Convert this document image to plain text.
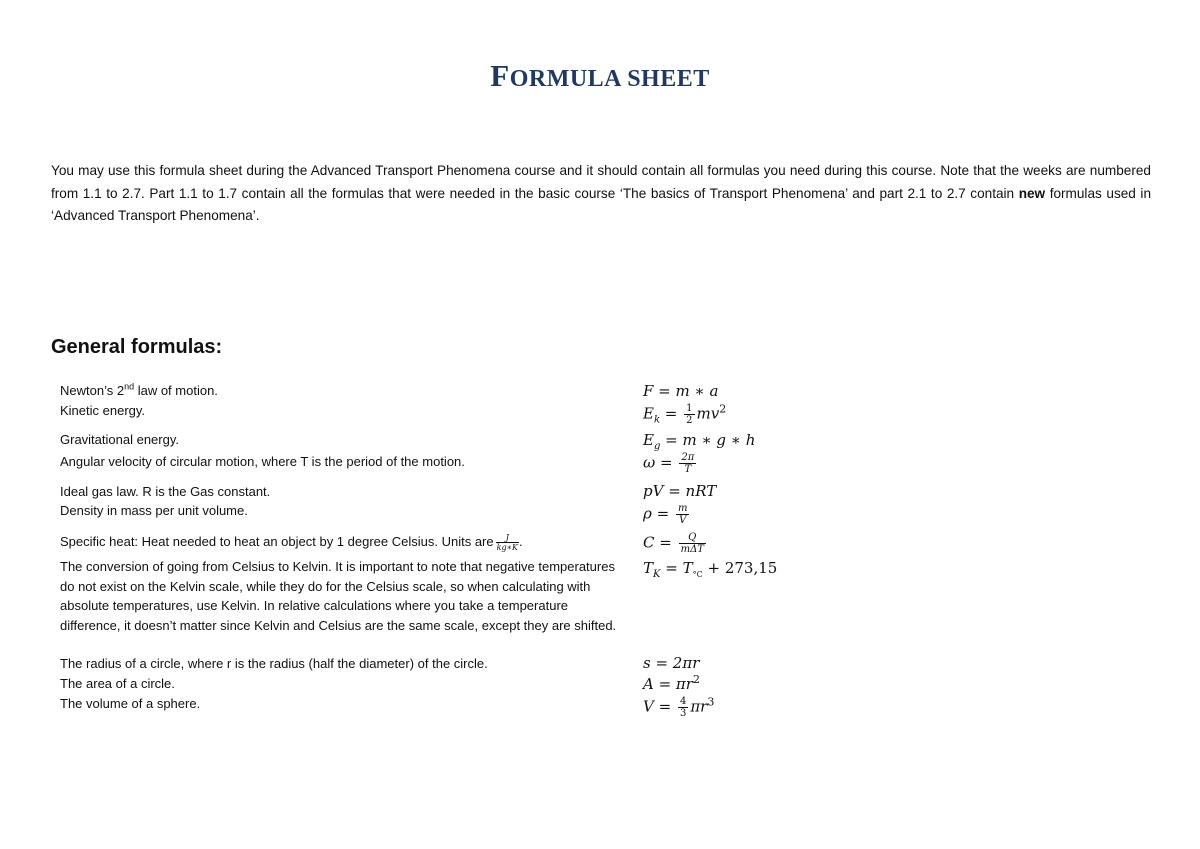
FORMULA SHEET
You may use this formula sheet during the Advanced Transport Phenomena course and it should contain all formulas you need during this course. Note that the weeks are numbered from 1.1 to 2.7. Part 1.1 to 1.7 contain all the formulas that were needed in the basic course ‘The basics of Transport Phenomena’ and part 2.1 to 2.7 contain new formulas used in ‘Advanced Transport Phenomena’.
General formulas:
Newton’s 2nd law of motion.
Kinetic energy.
Gravitational energy.
Angular velocity of circular motion, where T is the period of the motion.
Ideal gas law. R is the Gas constant.
Density in mass per unit volume.
Specific heat: Heat needed to heat an object by 1 degree Celsius. Units are $\frac{J}{kg∗K}$ .
The conversion of going from Celsius to Kelvin. It is important to note that negative temperatures do not exist on the Kelvin scale, while they do for the Celsius scale, so when calculating with absolute temperatures, use Kelvin. In relative calculations where you take a temperature difference, it doesn’t matter since Kelvin and Celsius are the same scale, except they are shifted.
The radius of a circle, where r is the radius (half the diameter) of the circle.
The area of a circle.
The volume of a sphere.
F = m ∗ a
$E_k = \frac{1}{2} mv^2$
$E_g = m$ ∗ g ∗ h
$\omega = \frac{2\pi}{T}$
pV = nRT
$\rho = \frac{m}{V}$
$C = \frac{Q}{\text{mΔT}}$
$T_K = T_{^\circ C} + 273,15$
s = 2πr
$A = \pi r^2$
$V = \frac{4}{3} \pi r^3$
